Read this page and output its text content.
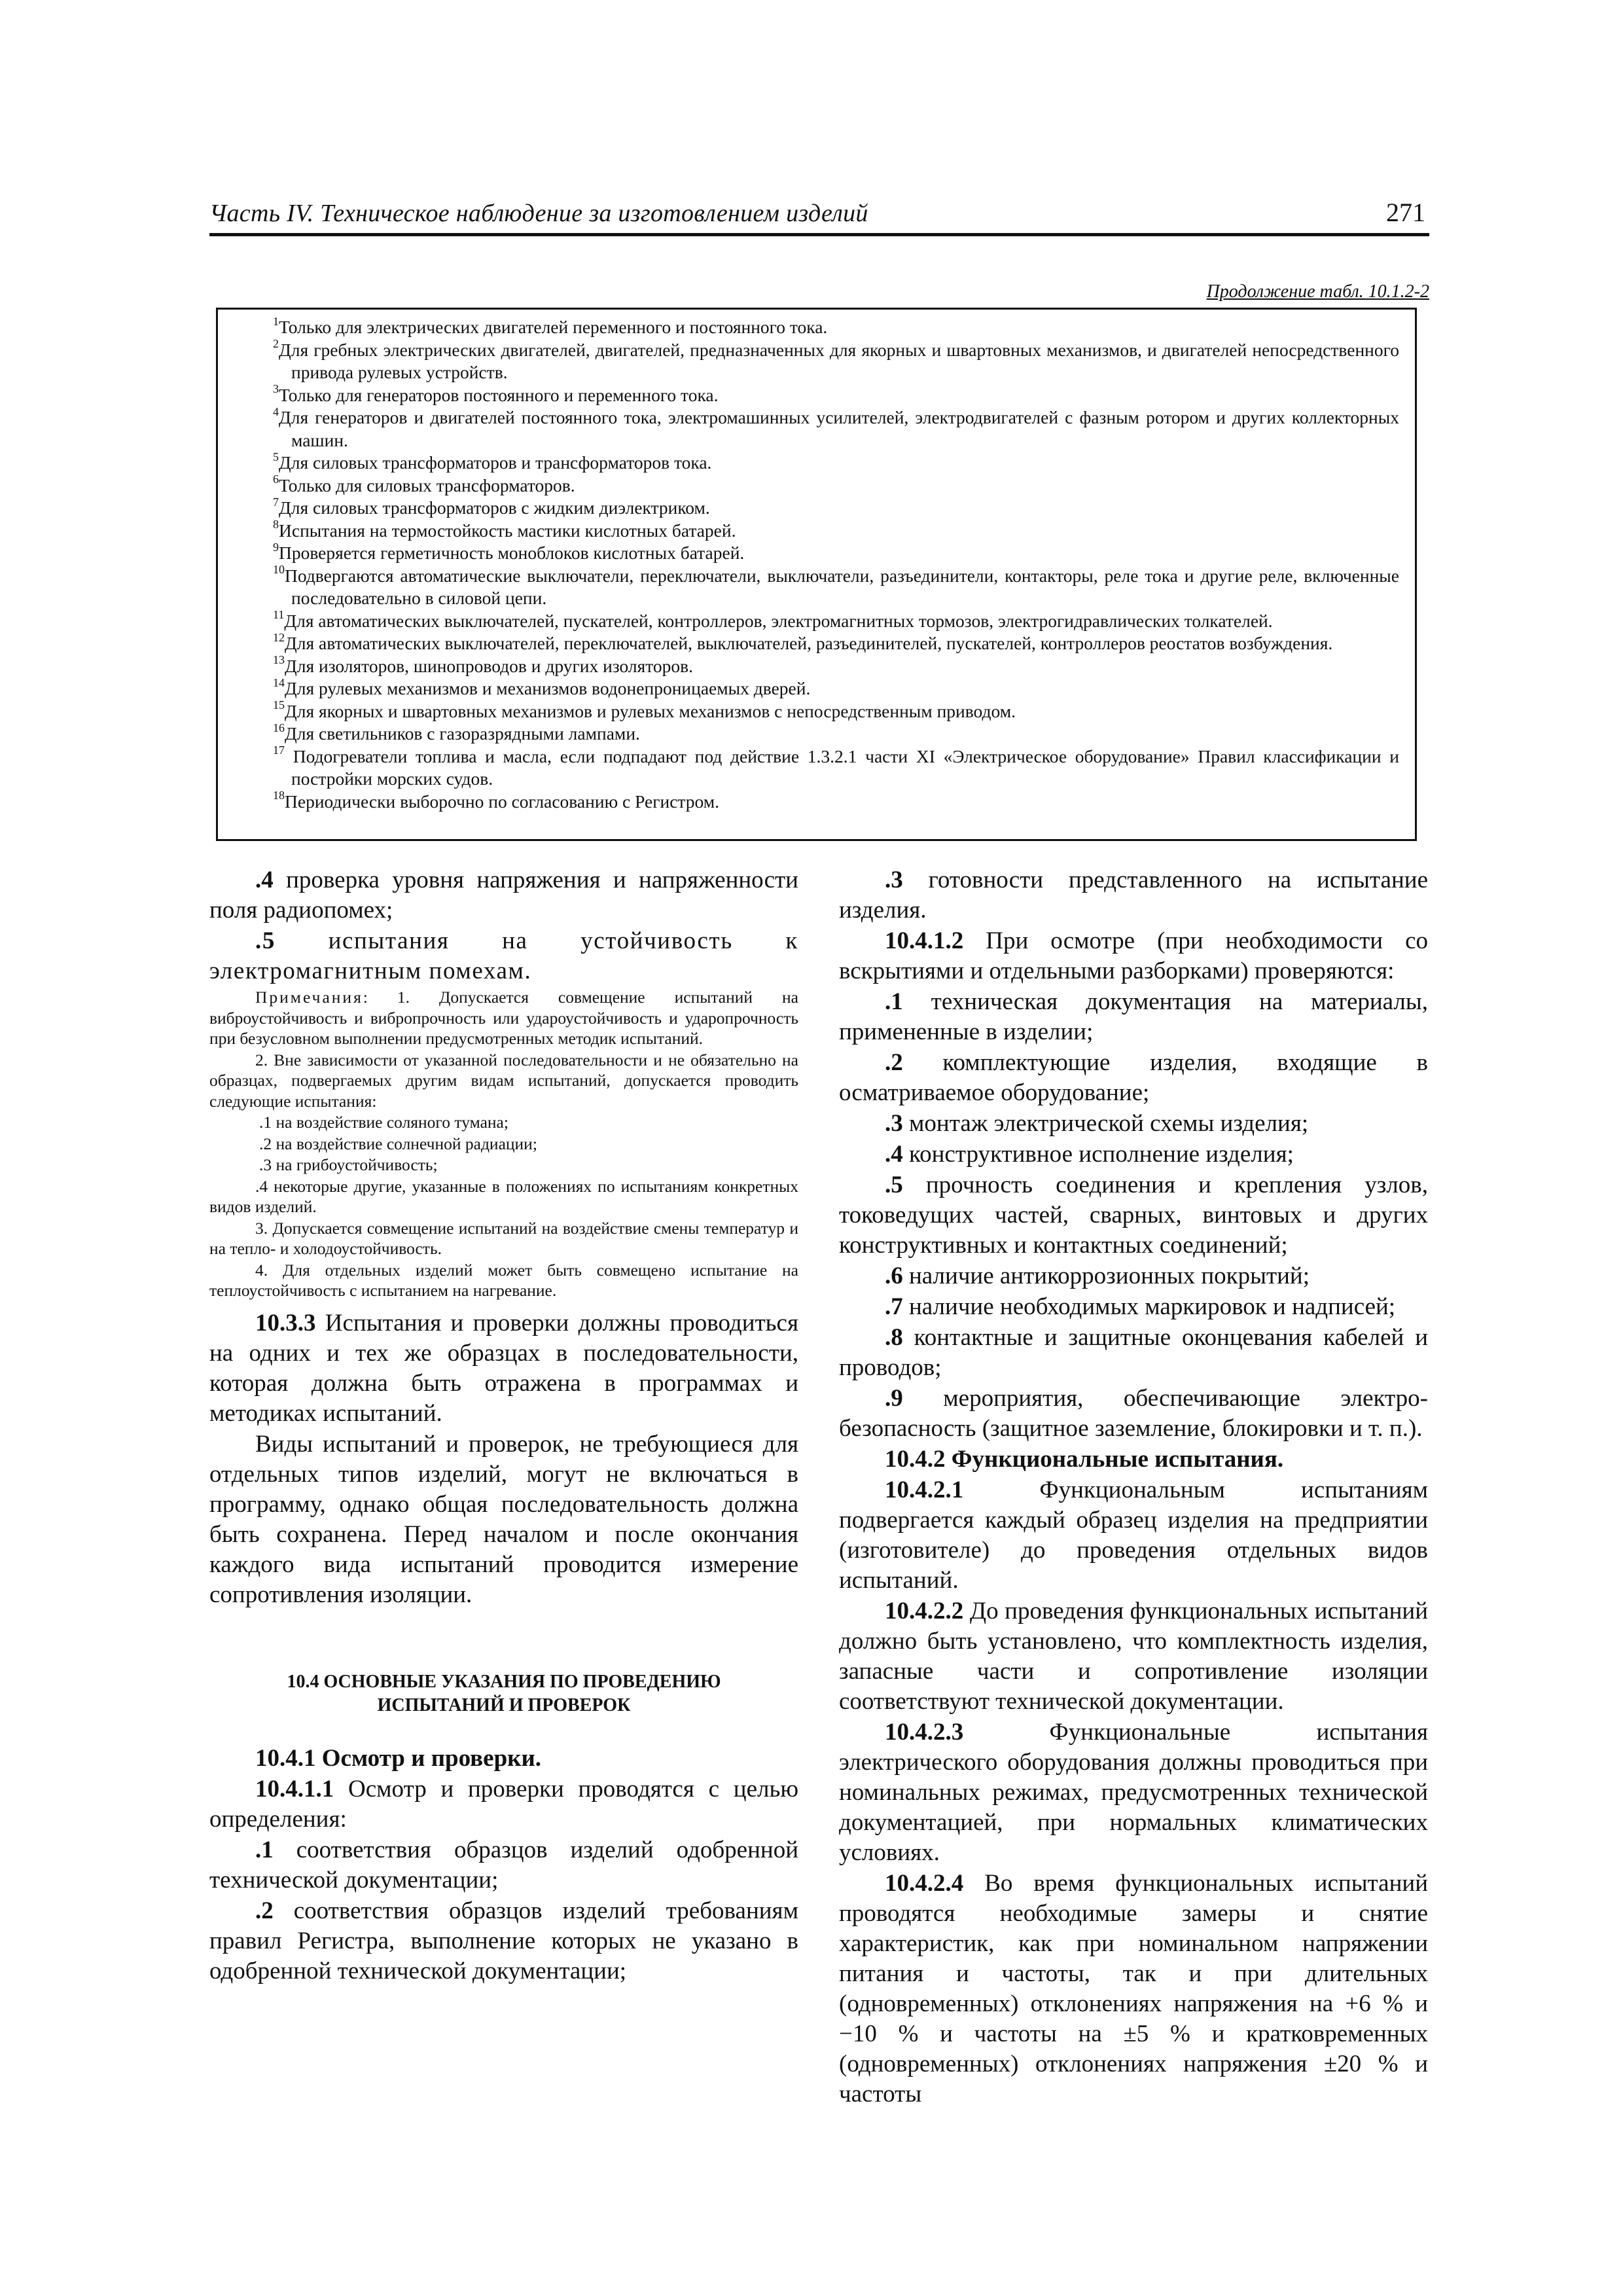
Часть IV. Техническое наблюдение за изготовлением изделий	271
Продолжение табл. 10.1.2-2
$^1$Только для электрических двигателей переменного и постоянного тока.
$^2$Для гребных электрических двигателей, двигателей, предназначенных для якорных и швартовных механизмов, и двигателей непосредственного привода рулевых устройств.
$^3$Только для генераторов постоянного и переменного тока.
$^4$Для генераторов и двигателей постоянного тока, электромашинных усилителей, электродвигателей с фазным ротором и других коллекторных машин.
$^5$Для силовых трансформаторов и трансформаторов тока.
$^6$Только для силовых трансформаторов.
$^7$Для силовых трансформаторов с жидким диэлектриком.
$^8$Испытания на термостойкость мастики кислотных батарей.
$^9$Проверяется герметичность моноблоков кислотных батарей.
$^{10}$Подвергаются автоматические выключатели, переключатели, выключатели, разъединители, контакторы, реле тока и другие реле, включенные последовательно в силовой цепи.
$^{11}$Для автоматических выключателей, пускателей, контроллеров, электромагнитных тормозов, электрогидравлических толкателей.
$^{12}$Для автоматических выключателей, переключателей, выключателей, разъединителей, пускателей, контроллеров реостатов возбуждения.
$^{13}$Для изоляторов, шинопроводов и других изоляторов.
$^{14}$Для рулевых механизмов и механизмов водонепроницаемых дверей.
$^{15}$Для якорных и швартовных механизмов и рулевых механизмов с непосредственным приводом.
$^{16}$Для светильников с газоразрядными лампами.
$^{17}$ Подогреватели топлива и масла, если подпадают под действие 1.3.2.1 части XI «Электрическое оборудование» Правил классификации и постройки морских судов.
$^{18}$Периодически выборочно по согласованию с Регистром.

.4 проверка уровня напряжения и напряженности поля радиопомех;

.5 испытания на устойчивость к электромагнитным помехам.

Примечания: 1. Допускается совмещение испытаний на виброустойчивость и вибропрочность или удароустойчивость и ударопрочность при безусловном выполнении предусмотренных методик испытаний.

2. Вне зависимости от указанной последовательности и не обязательно на образцах, подвергаемых другим видам испытаний, допускается проводить следующие испытания:

.1 на воздействие соляного тумана;

.2 на воздействие солнечной радиации;

.3 на грибоустойчивость;

.4 некоторые другие, указанные в положениях по испытаниям конкретных видов изделий.

3. Допускается совмещение испытаний на воздействие смены температур и на тепло- и холодоустойчивость.

4. Для отдельных изделий может быть совмещено испытание на теплоустойчивость с испытанием на нагревание.

10.3.3 Испытания и проверки должны проводиться на одних и тех же образцах в последовательности, которая должна быть отражена в программах и методиках испытаний.

Виды испытаний и проверок, не требующиеся для отдельных типов изделий, могут не включаться в программу, однако общая последовательность должна быть сохранена. Перед началом и после окончания каждого вида испытаний проводится измерение сопротивления изоляции.

10.4 ОСНОВНЫЕ УКАЗАНИЯ ПО ПРОВЕДЕНИЮ
ИСПЫТАНИЙ И ПРОВЕРОК

10.4.1 Осмотр и проверки.

10.4.1.1 Осмотр и проверки проводятся с целью определения:

.1 соответствия образцов изделий одобренной технической документации;

.2 соответствия образцов изделий требованиям правил Регистра, выполнение которых не указано в одобренной технической документации;

.3 готовности представленного на испытание изделия.

10.4.1.2 При осмотре (при необходимости со вскрытиями и отдельными разборками) проверяются:

.1 техническая документация на материалы, примененные в изделии;

.2 комплектующие изделия, входящие в осматриваемое оборудование;

.3 монтаж электрической схемы изделия;

.4 конструктивное исполнение изделия;

.5 прочность соединения и крепления узлов, токоведущих частей, сварных, винтовых и других конструктивных и контактных соединений;

.6 наличие антикоррозионных покрытий;

.7 наличие необходимых маркировок и надписей;

.8 контактные и защитные оконцевания кабелей и проводов;

.9 мероприятия, обеспечивающие электро-безопасность (защитное заземление, блокировки и т. п.).

10.4.2 Функциональные испытания.

10.4.2.1 Функциональным испытаниям подвергается каждый образец изделия на предприятии (изготовителе) до проведения отдельных видов испытаний.

10.4.2.2 До проведения функциональных испытаний должно быть установлено, что комплектность изделия, запасные части и сопротивление изоляции соответствуют технической документации.

10.4.2.3 Функциональные испытания электрического оборудования должны проводиться при номинальных режимах, предусмотренных технической документацией, при нормальных климатических условиях.

10.4.2.4 Во время функциональных испытаний проводятся необходимые замеры и снятие характеристик, как при номинальном напряжении питания и частоты, так и при длительных (одновременных) отклонениях напряжения на +6 % и −10 % и частоты на ±5 % и кратковременных (одновременных) отклонениях напряжения ±20 % и частоты
